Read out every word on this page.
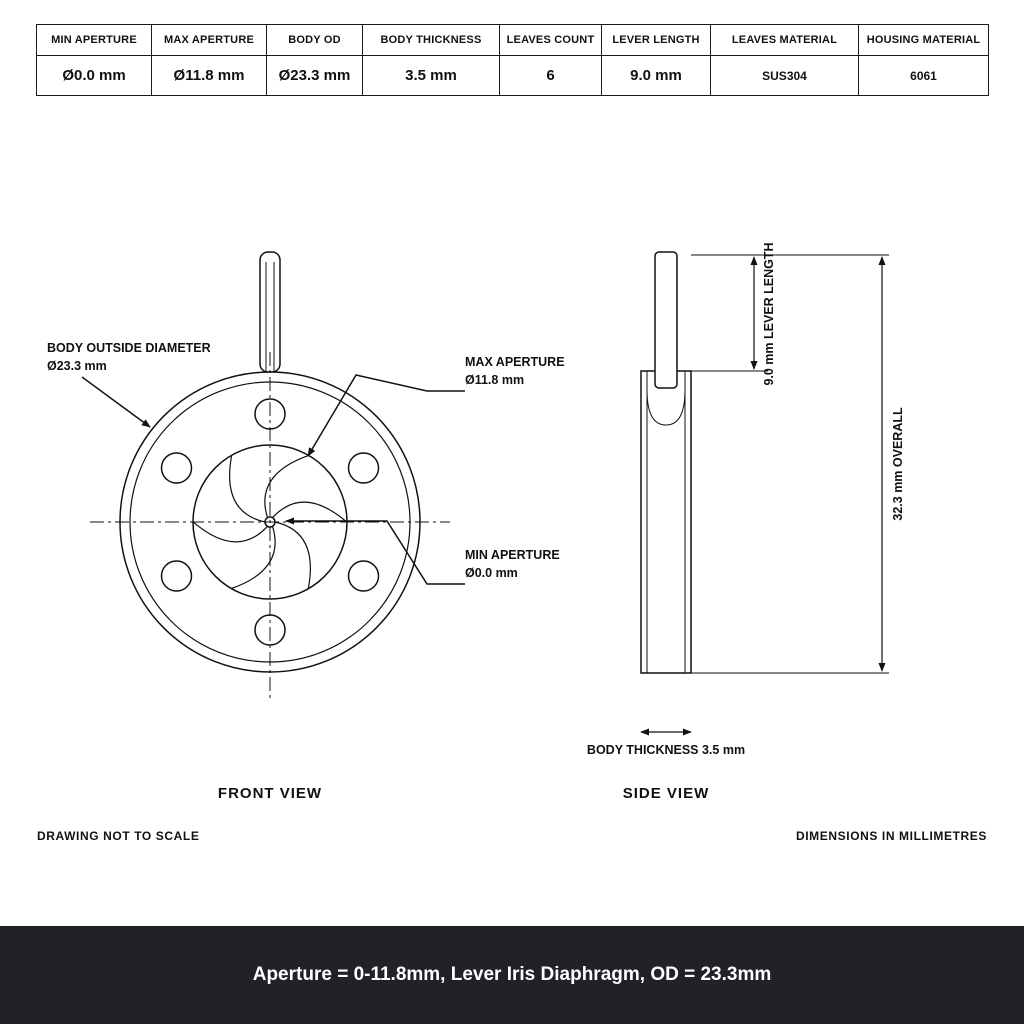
MIN APERTURE	MAX APERTURE	BODY OD	BODY THICKNESS	LEAVES COUNT	LEVER LENGTH	LEAVES MATERIAL	HOUSING MATERIAL
Ø0.0 mm	Ø11.8 mm	Ø23.3 mm	3.5 mm	6	9.0 mm	SUS304	6061
BODY OUTSIDE DIAMETER
Ø23.3 mm	MAX APERTURE
Ø11.8 mm
MIN APERTURE
Ø0.0 mm
9.0 mm LEVER LENGTH
32.3 mm OVERALL
BODY THICKNESS 3.5 mm
FRONT VIEW	SIDE VIEW
DRAWING NOT TO SCALE	DIMENSIONS IN MILLIMETRES
Aperture = 0-11.8mm, Lever Iris Diaphragm, OD = 23.3mm
